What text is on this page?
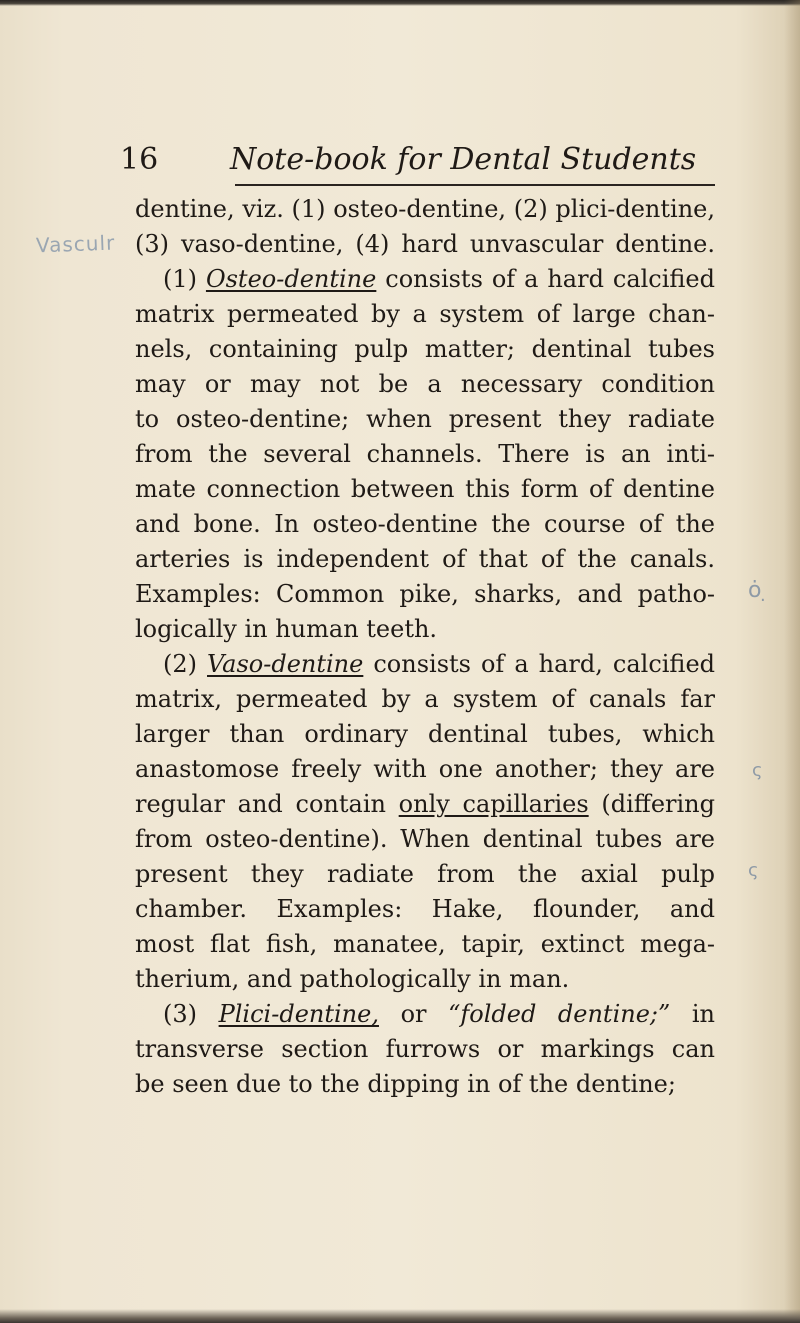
16 Note-book for Dental Students
Vasculr
ȯ
ς
ς
·
dentine, viz. (1) osteo-dentine, (2) plici-dentine,
(3) vaso-dentine, (4) hard unvascular dentine.
(1) Osteo-dentine consists of a hard calcified
matrix permeated by a system of large chan-
nels, containing pulp matter; dentinal tubes
may or may not be a necessary condition
to osteo-dentine; when present they radiate
from the several channels. There is an inti-
mate connection between this form of dentine
and bone. In osteo-dentine the course of the
arteries is independent of that of the canals.
Examples: Common pike, sharks, and patho-
logically in human teeth.
(2) Vaso-dentine consists of a hard, calcified
matrix, permeated by a system of canals far
larger than ordinary dentinal tubes, which
anastomose freely with one another; they are
regular and contain only capillaries (differing
from osteo-dentine). When dentinal tubes are
present they radiate from the axial pulp
chamber. Examples: Hake, flounder, and
most flat fish, manatee, tapir, extinct mega-
therium, and pathologically in man.
(3) Plici-dentine, or “folded dentine;” in
transverse section furrows or markings can
be seen due to the dipping in of the dentine;
